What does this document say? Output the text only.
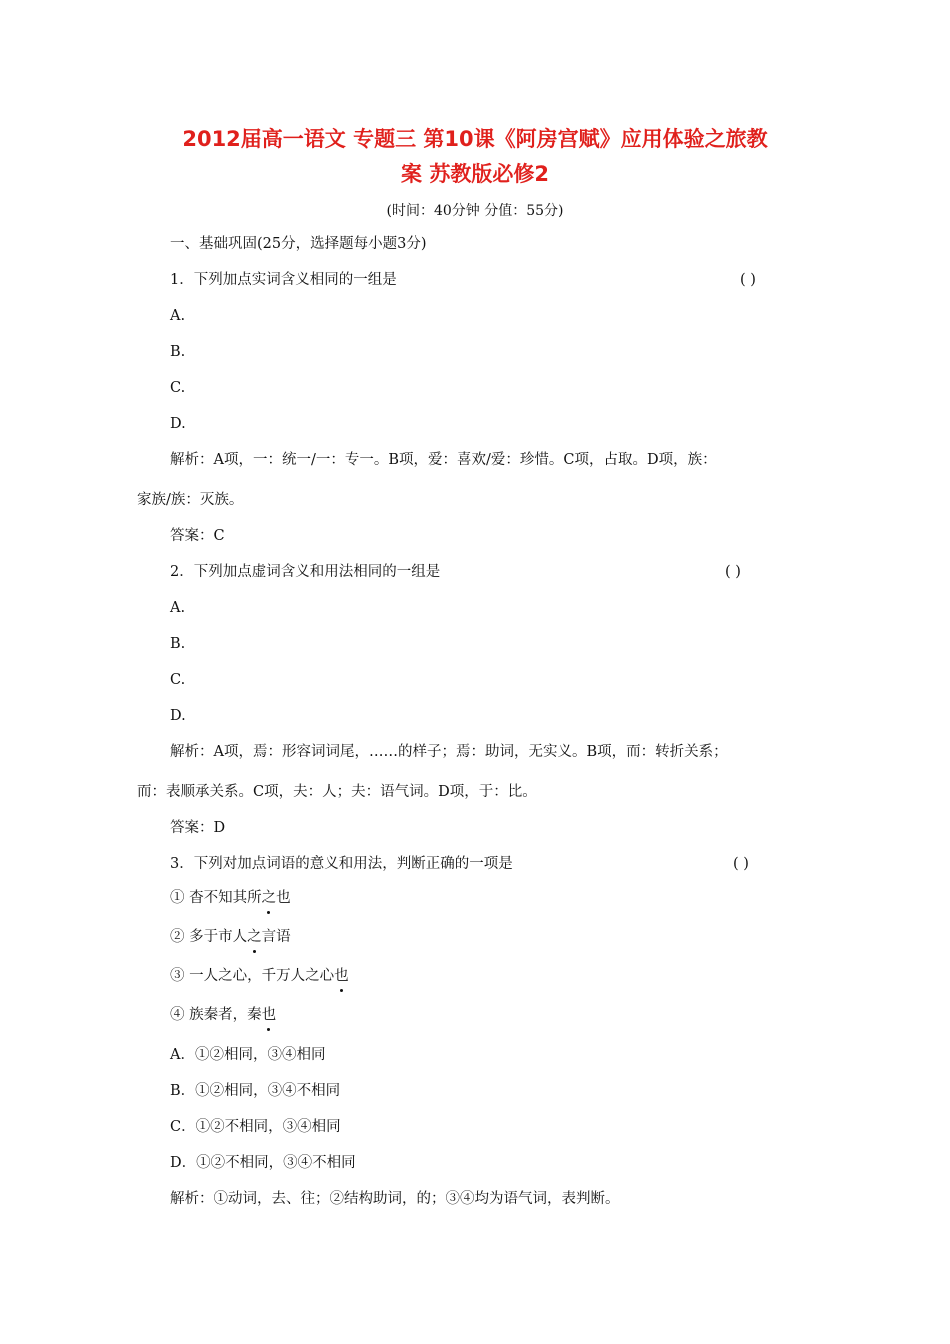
2012届高一语文 专题三 第10课《阿房宫赋》应用体验之旅教
案 苏教版必修2
(时间：40分钟 分值：55分)
一、基础巩固(25分，选择题每小题3分)
1．下列加点实词含义相同的一组是	( )
A.
B.
C.
D.
解析：A项，一：统一/一：专一。B项，爱：喜欢/爱：珍惜。C项，占取。D项，族：
家族/族：灭族。
答案：C
2．下列加点虚词含义和用法相同的一组是	( )
A.
B.
C.
D.
解析：A项，焉：形容词词尾，……的样子；焉：助词，无实义。B项，而：转折关系；
而：表顺承关系。C项，夫：人；夫：语气词。D项，于：比。
答案：D
3．下列对加点词语的意义和用法，判断正确的一项是	( )
① 杳不知其所之也
② 多于市人之言语
③ 一人之心，千万人之心也
④ 族秦者，秦也
A．①②相同，③④相同
B．①②相同，③④不相同
C．①②不相同，③④相同
D．①②不相同，③④不相同
解析：①动词，去、往；②结构助词，的；③④均为语气词，表判断。
